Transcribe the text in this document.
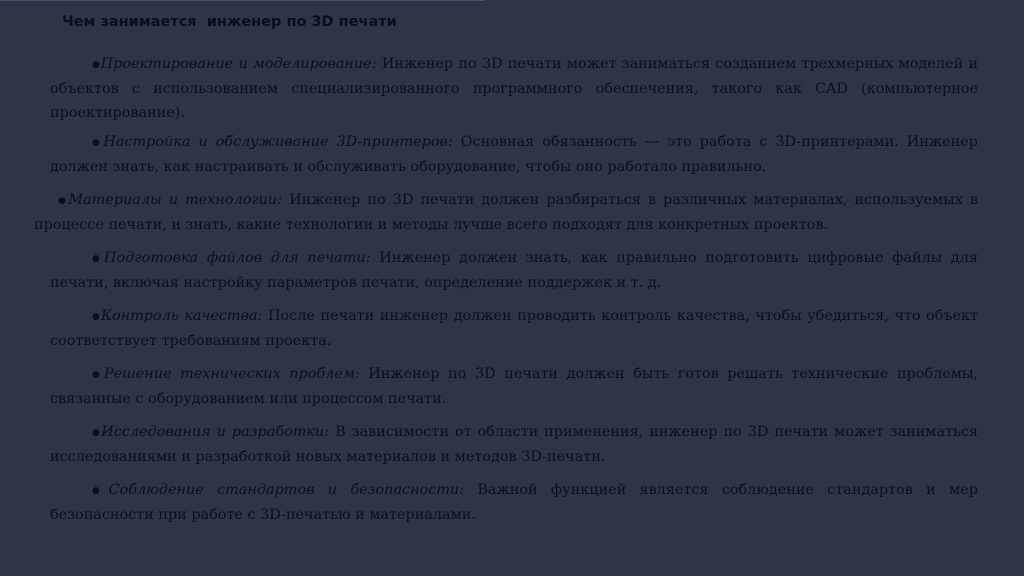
Чем занимается  инженер по 3D печати

●Проектирование и моделирование: Инженер по 3D печати может заниматься созданием трехмерных моделей и объектов с использованием специализированного программного обеспечения, такого как CAD (компьютерное проектирование).

●Настройка и обслуживание 3D-принтеров: Основная обязанность — это работа с 3D-принтерами. Инженер должен знать, как настраивать и обслуживать оборудование, чтобы оно работало правильно.

●Материалы и технологии: Инженер по 3D печати должен разбираться в различных материалах, используемых в процессе печати, и знать, какие технологии и методы лучше всего подходят для конкретных проектов.

●Подготовка файлов для печати: Инженер должен знать, как правильно подготовить цифровые файлы для печати, включая настройку параметров печати, определение поддержек и т. д.

●Контроль качества: После печати инженер должен проводить контроль качества, чтобы убедиться, что объект соответствует требованиям проекта.

●Решение технических проблем: Инженер по 3D печати должен быть готов решать технические проблемы, связанные с оборудованием или процессом печати.

●Исследования и разработки: В зависимости от области применения, инженер по 3D печати может заниматься исследованиями и разработкой новых материалов и методов 3D-печати.

●Соблюдение стандартов и безопасности: Важной функцией является соблюдение стандартов и мер безопасности при работе с 3D-печатью и материалами.
